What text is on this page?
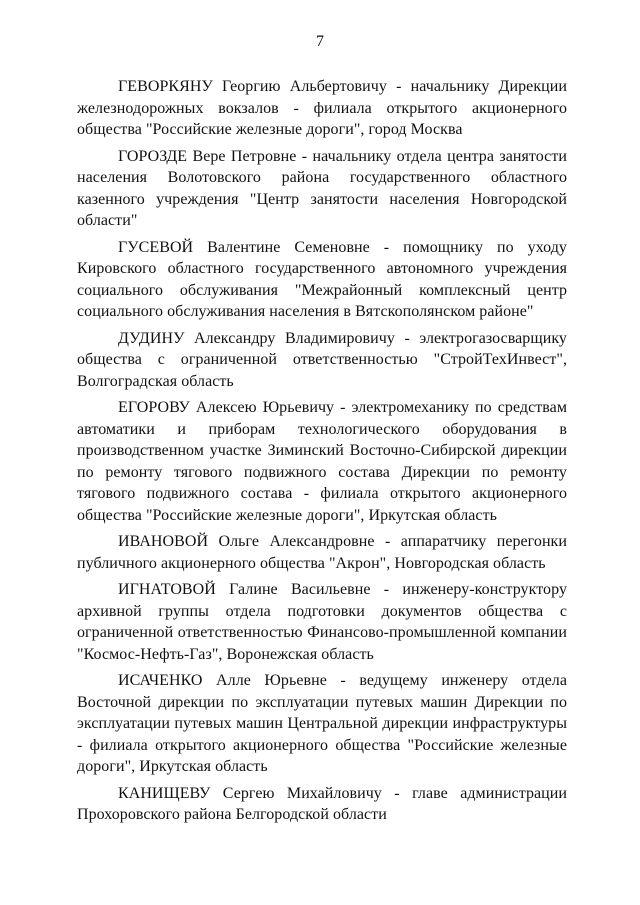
7

ГЕВОРКЯНУ Георгию Альбертовичу - начальнику Дирекции железнодорожных вокзалов - филиала открытого акционерного общества "Российские железные дороги", город Москва

ГОРОЗДЕ Вере Петровне - начальнику отдела центра занятости населения Волотовского района государственного областного казенного учреждения "Центр занятости населения Новгородской области"

ГУСЕВОЙ Валентине Семеновне - помощнику по уходу Кировского областного государственного автономного учреждения социального обслуживания "Межрайонный комплексный центр социального обслуживания населения в Вятскополянском районе"

ДУДИНУ Александру Владимировичу - электрогазосварщику общества с ограниченной ответственностью "СтройТехИнвест", Волгоградская область

ЕГОРОВУ Алексею Юрьевичу - электромеханику по средствам автоматики и приборам технологического оборудования в производственном участке Зиминский Восточно-Сибирской дирекции по ремонту тягового подвижного состава Дирекции по ремонту тягового подвижного состава - филиала открытого акционерного общества "Российские железные дороги", Иркутская область

ИВАНОВОЙ Ольге Александровне - аппаратчику перегонки публичного акционерного общества "Акрон", Новгородская область

ИГНАТОВОЙ Галине Васильевне - инженеру-конструктору архивной группы отдела подготовки документов общества с ограниченной ответственностью Финансово-промышленной компании "Космос-Нефть-Газ", Воронежская область

ИСАЧЕНКО Алле Юрьевне - ведущему инженеру отдела Восточной дирекции по эксплуатации путевых машин Дирекции по эксплуатации путевых машин Центральной дирекции инфраструктуры - филиала открытого акционерного общества "Российские железные дороги", Иркутская область

КАНИЩЕВУ Сергею Михайловичу - главе администрации Прохоровского района Белгородской области
